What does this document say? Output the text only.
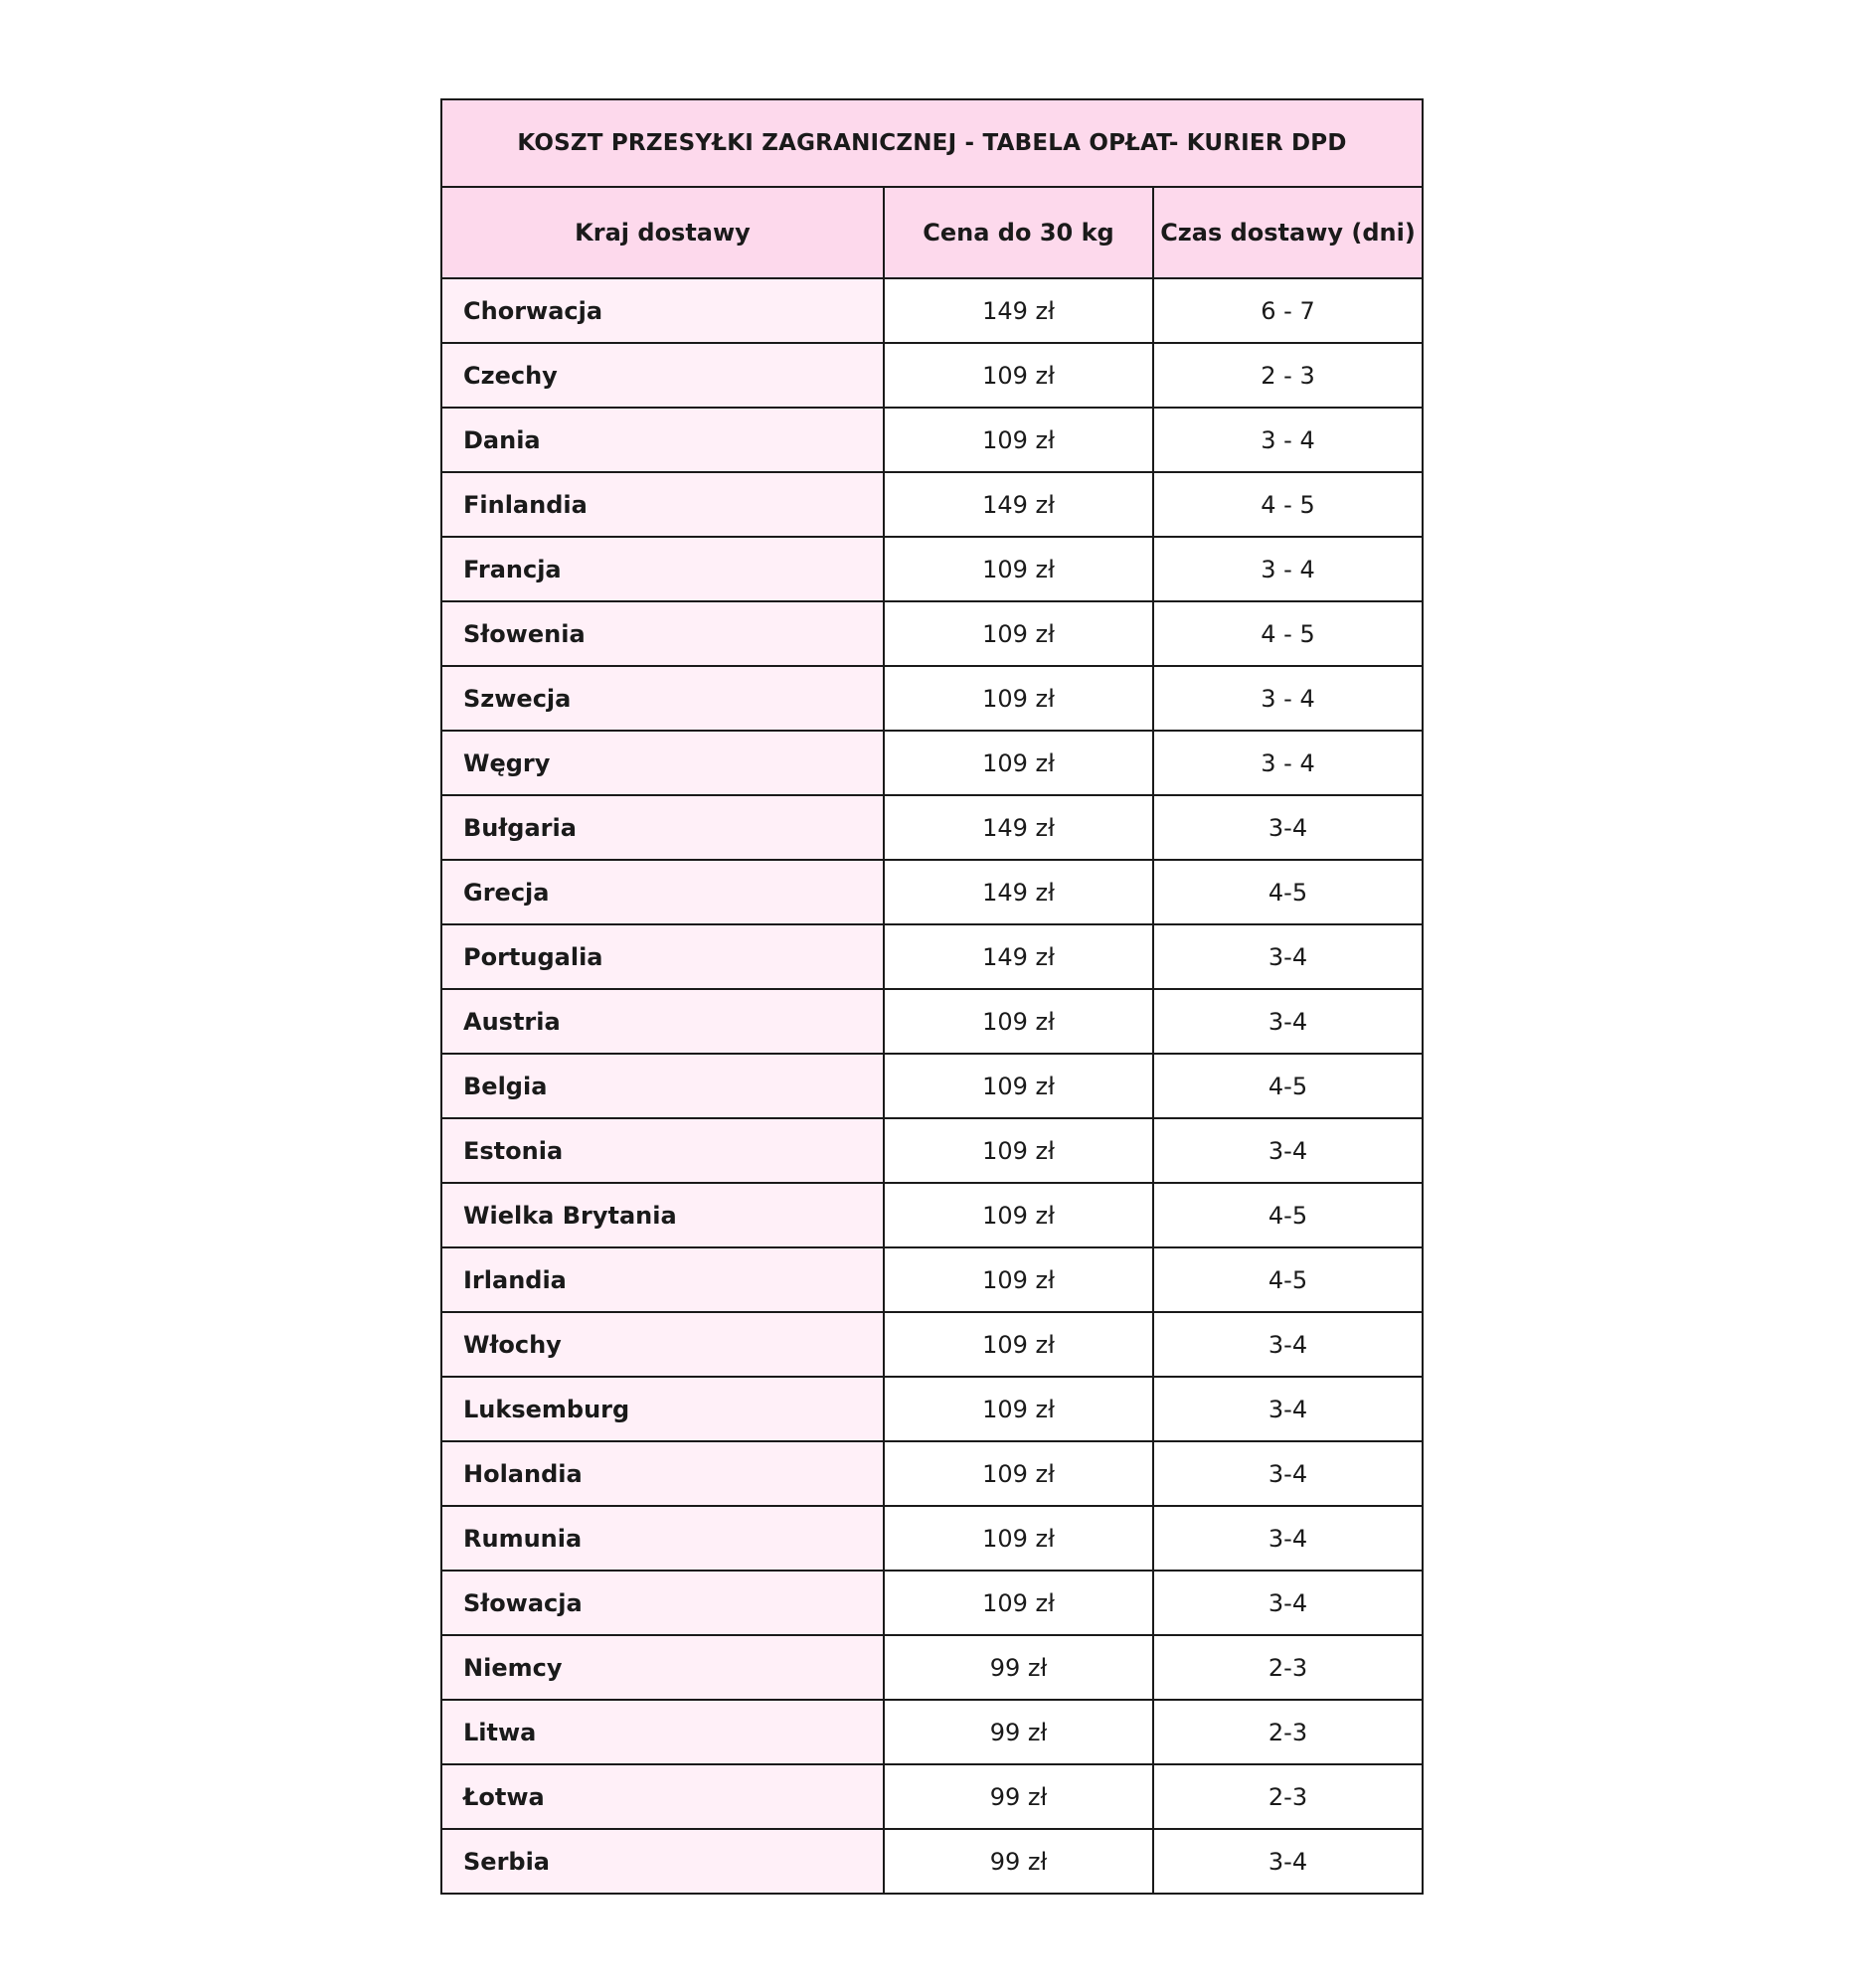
KOSZT PRZESYŁKI ZAGRANICZNEJ - TABELA OPŁAT- KURIER DPD		
Kraj dostawy	Cena do 30 kg	Czas dostawy (dni)
Chorwacja	149 zł	6 - 7
Czechy	109 zł	2 - 3
Dania	109 zł	3 - 4
Finlandia	149 zł	4 - 5
Francja	109 zł	3 - 4
Słowenia	109 zł	4 - 5
Szwecja	109 zł	3 - 4
Węgry	109 zł	3 - 4
Bułgaria	149 zł	3-4
Grecja	149 zł	4-5
Portugalia	149 zł	3-4
Austria	109 zł	3-4
Belgia	109 zł	4-5
Estonia	109 zł	3-4
Wielka Brytania	109 zł	4-5
Irlandia	109 zł	4-5
Włochy	109 zł	3-4
Luksemburg	109 zł	3-4
Holandia	109 zł	3-4
Rumunia	109 zł	3-4
Słowacja	109 zł	3-4
Niemcy	99 zł	2-3
Litwa	99 zł	2-3
Łotwa	99 zł	2-3
Serbia	99 zł	3-4
